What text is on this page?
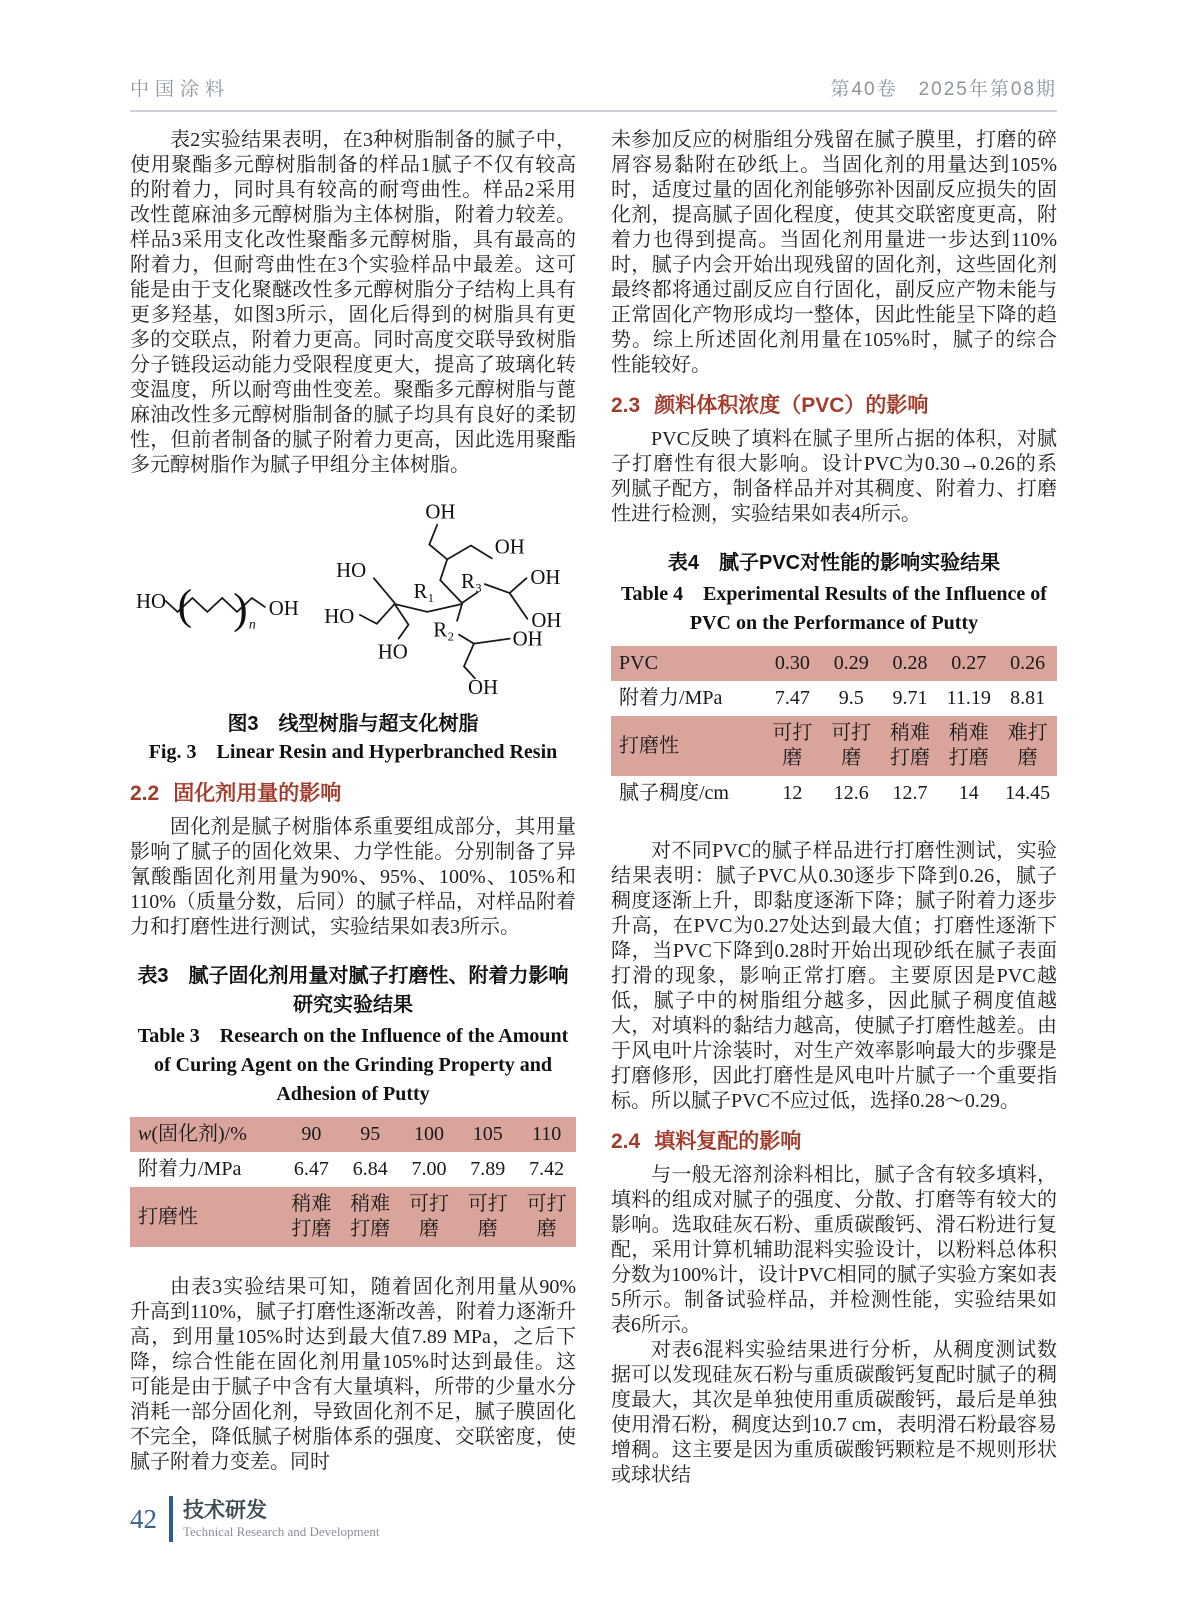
中国涂料	第40卷　2025年第08期

表2实验结果表明，在3种树脂制备的腻子中，使用聚酯多元醇树脂制备的样品1腻子不仅有较高的附着力，同时具有较高的耐弯曲性。样品2采用改性蓖麻油多元醇树脂为主体树脂，附着力较差。样品3采用支化改性聚酯多元醇树脂，具有最高的附着力，但耐弯曲性在3个实验样品中最差。这可能是由于支化聚醚改性多元醇树脂分子结构上具有更多羟基，如图3所示，固化后得到的树脂具有更多的交联点，附着力更高。同时高度交联导致树脂分子链段运动能力受限程度更大，提高了玻璃化转变温度，所以耐弯曲性变差。聚酯多元醇树脂与蓖麻油改性多元醇树脂制备的腻子均具有良好的柔韧性，但前者制备的腻子附着力更高，因此选用聚酯多元醇树脂作为腻子甲组分主体树脂。

HO ( ) n
OH
OH
OH
HO
HO
HO
R₁ R₃
R₂
OH
OH
OH
OH
图3　线型树脂与超支化树脂
Fig. 3　Linear Resin and Hyperbranched Resin
2.2 固化剂用量的影响

固化剂是腻子树脂体系重要组成部分，其用量影响了腻子的固化效果、力学性能。分别制备了异氰酸酯固化剂用量为90%、95%、100%、105%和110%（质量分数，后同）的腻子样品，对样品附着力和打磨性进行测试，实验结果如表3所示。

表3　腻子固化剂用量对腻子打磨性、附着力影响研究实验结果
Table 3　Research on the Influence of the Amount of Curing Agent on the Grinding Property and Adhesion of Putty
w(固化剂)/%	90	95	100	105	110
附着力/MPa	6.47	6.84	7.00	7.89	7.42
打磨性	稍难打磨	稍难打磨	可打磨	可打磨	可打磨

由表3实验结果可知，随着固化剂用量从90%升高到110%，腻子打磨性逐渐改善，附着力逐渐升高，到用量105%时达到最大值7.89 MPa，之后下降，综合性能在固化剂用量105%时达到最佳。这可能是由于腻子中含有大量填料，所带的少量水分消耗一部分固化剂，导致固化剂不足，腻子膜固化不完全，降低腻子树脂体系的强度、交联密度，使腻子附着力变差。同时

未参加反应的树脂组分残留在腻子膜里，打磨的碎屑容易黏附在砂纸上。当固化剂的用量达到105%时，适度过量的固化剂能够弥补因副反应损失的固化剂，提高腻子固化程度，使其交联密度更高，附着力也得到提高。当固化剂用量进一步达到110%时，腻子内会开始出现残留的固化剂，这些固化剂最终都将通过副反应自行固化，副反应产物未能与正常固化产物形成均一整体，因此性能呈下降的趋势。综上所述固化剂用量在105%时，腻子的综合性能较好。

2.3 颜料体积浓度（PVC）的影响

PVC反映了填料在腻子里所占据的体积，对腻子打磨性有很大影响。设计PVC为0.30→0.26的系列腻子配方，制备样品并对其稠度、附着力、打磨性进行检测，实验结果如表4所示。

表4　腻子PVC对性能的影响实验结果
Table 4　Experimental Results of the Influence of PVC on the Performance of Putty
PVC	0.30	0.29	0.28	0.27	0.26
附着力/MPa	7.47	9.5	9.71	11.19	8.81
打磨性	可打磨	可打磨	稍难打磨	稍难打磨	难打磨
腻子稠度/cm	12	12.6	12.7	14	14.45

对不同PVC的腻子样品进行打磨性测试，实验结果表明：腻子PVC从0.30逐步下降到0.26，腻子稠度逐渐上升，即黏度逐渐下降；腻子附着力逐步升高，在PVC为0.27处达到最大值；打磨性逐渐下降，当PVC下降到0.28时开始出现砂纸在腻子表面打滑的现象，影响正常打磨。主要原因是PVC越低，腻子中的树脂组分越多，因此腻子稠度值越大，对填料的黏结力越高，使腻子打磨性越差。由于风电叶片涂装时，对生产效率影响最大的步骤是打磨修形，因此打磨性是风电叶片腻子一个重要指标。所以腻子PVC不应过低，选择0.28～0.29。

2.4 填料复配的影响

与一般无溶剂涂料相比，腻子含有较多填料，填料的组成对腻子的强度、分散、打磨等有较大的影响。选取硅灰石粉、重质碳酸钙、滑石粉进行复配，采用计算机辅助混料实验设计，以粉料总体积分数为100%计，设计PVC相同的腻子实验方案如表5所示。制备试验样品，并检测性能，实验结果如表6所示。

对表6混料实验结果进行分析，从稠度测试数据可以发现硅灰石粉与重质碳酸钙复配时腻子的稠度最大，其次是单独使用重质碳酸钙，最后是单独使用滑石粉，稠度达到10.7 cm，表明滑石粉最容易增稠。这主要是因为重质碳酸钙颗粒是不规则形状或球状结

42 技术研发
Technical Research and Development
